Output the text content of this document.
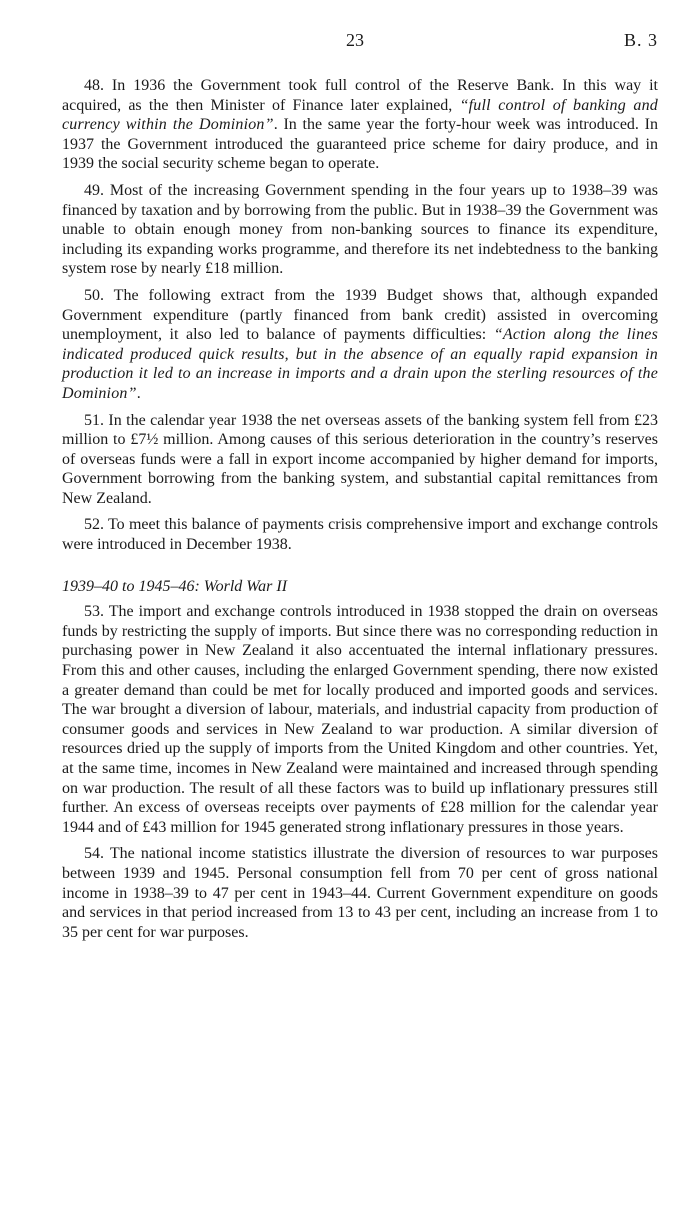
23	B. 3

48. In 1936 the Government took full control of the Reserve Bank. In this way it acquired, as the then Minister of Finance later explained, “full control of banking and currency within the Dominion”. In the same year the forty-hour week was introduced. In 1937 the Government introduced the guaranteed price scheme for dairy produce, and in 1939 the social security scheme began to operate.

49. Most of the increasing Government spending in the four years up to 1938–39 was financed by taxation and by borrowing from the public. But in 1938–39 the Government was unable to obtain enough money from non-banking sources to finance its expenditure, including its expanding works programme, and therefore its net indebtedness to the banking system rose by nearly £18 million.

50. The following extract from the 1939 Budget shows that, although expanded Government expenditure (partly financed from bank credit) assisted in overcoming unemployment, it also led to balance of payments difficulties: “Action along the lines indicated produced quick results, but in the absence of an equally rapid expansion in production it led to an increase in imports and a drain upon the sterling resources of the Dominion”.

51. In the calendar year 1938 the net overseas assets of the banking system fell from £23 million to £7½ million. Among causes of this serious deterioration in the country’s reserves of overseas funds were a fall in export income accompanied by higher demand for imports, Government borrowing from the banking system, and substantial capital remittances from New Zealand.

52. To meet this balance of payments crisis comprehensive import and exchange controls were introduced in December 1938.

1939–40 to 1945–46: World War II

53. The import and exchange controls introduced in 1938 stopped the drain on overseas funds by restricting the supply of imports. But since there was no corresponding reduction in purchasing power in New Zealand it also accentuated the internal inflationary pressures. From this and other causes, including the enlarged Government spending, there now existed a greater demand than could be met for locally produced and imported goods and services. The war brought a diversion of labour, materials, and industrial capacity from production of consumer goods and services in New Zealand to war production. A similar diversion of resources dried up the supply of imports from the United Kingdom and other countries. Yet, at the same time, incomes in New Zealand were maintained and increased through spending on war production. The result of all these factors was to build up inflationary pressures still further. An excess of overseas receipts over payments of £28 million for the calendar year 1944 and of £43 million for 1945 generated strong inflationary pressures in those years.

54. The national income statistics illustrate the diversion of resources to war purposes between 1939 and 1945. Personal consumption fell from 70 per cent of gross national income in 1938–39 to 47 per cent in 1943–44. Current Government expenditure on goods and services in that period increased from 13 to 43 per cent, including an increase from 1 to 35 per cent for war purposes.
